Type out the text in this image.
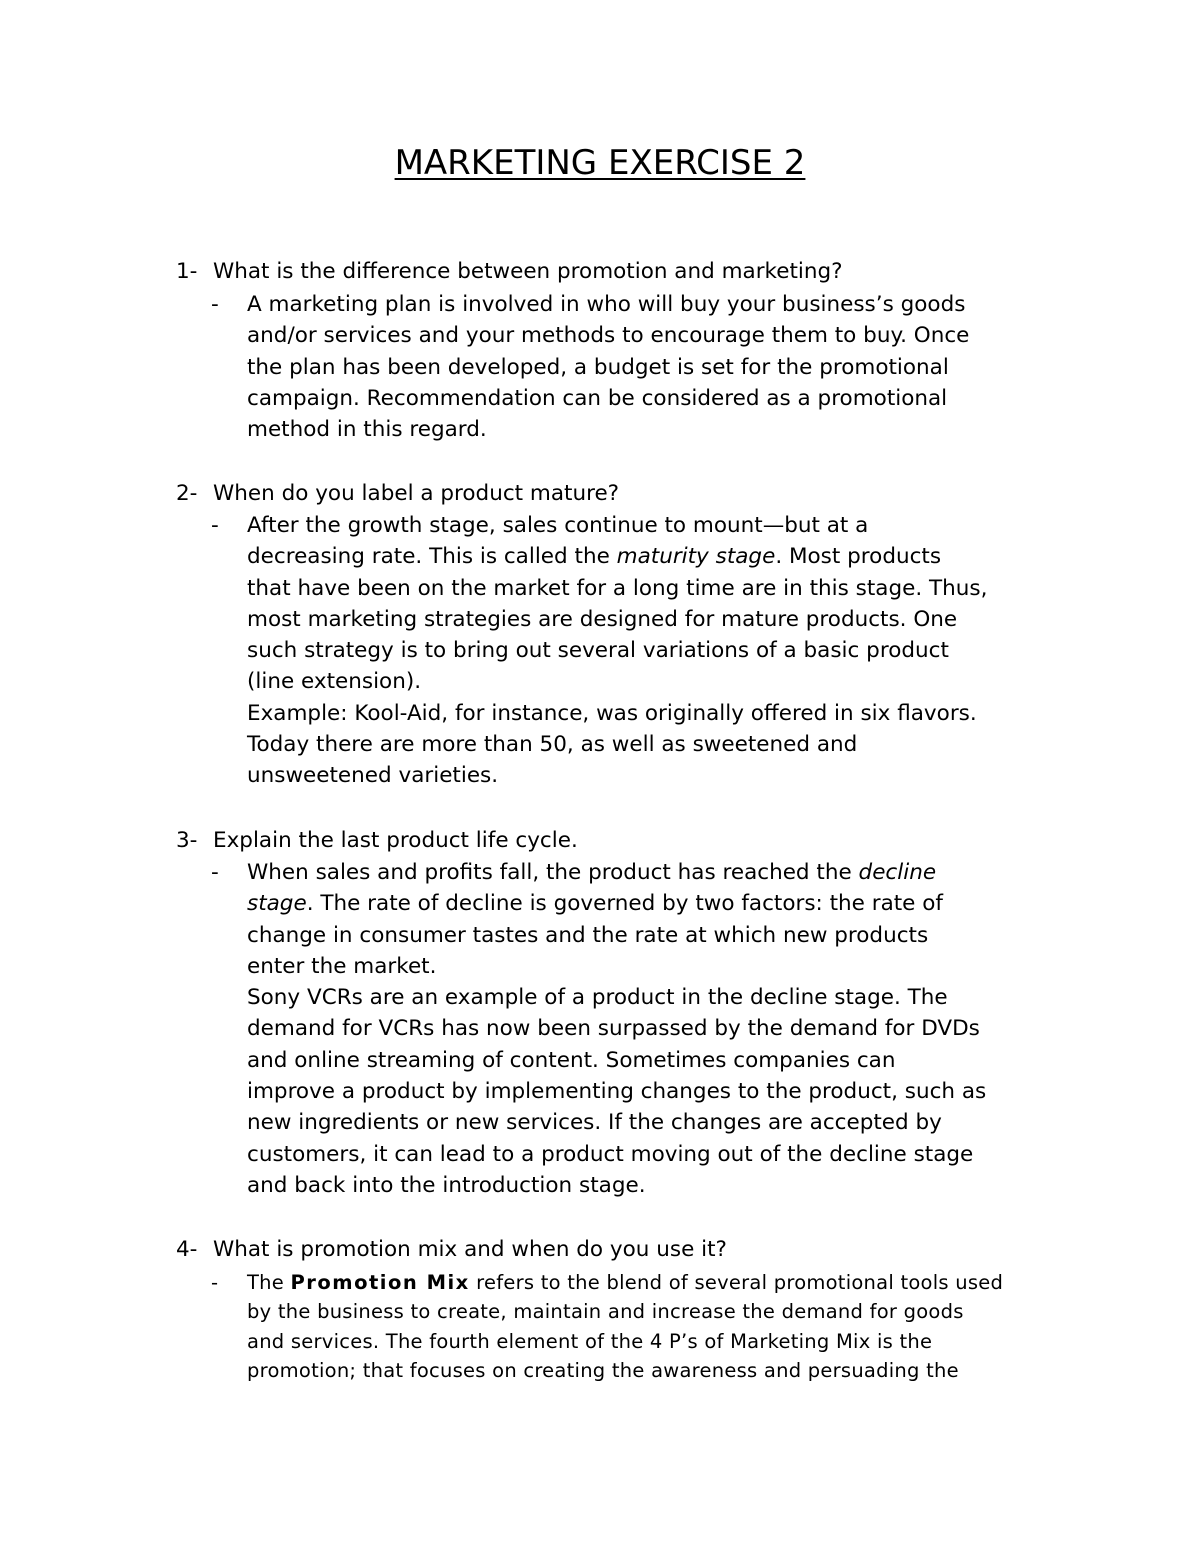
MARKETING EXERCISE 2
1- What is the difference between promotion and marketing?
- A marketing plan is involved in who will buy your business’s goods
and/or services and your methods to encourage them to buy. Once
the plan has been developed, a budget is set for the promotional
campaign. Recommendation can be considered as a promotional
method in this regard.
2- When do you label a product mature?
- After the growth stage, sales continue to mount—but at a
decreasing rate. This is called the maturity stage. Most products
that have been on the market for a long time are in this stage. Thus,
most marketing strategies are designed for mature products. One
such strategy is to bring out several variations of a basic product
(line extension).
Example: Kool-Aid, for instance, was originally offered in six flavors.
Today there are more than 50, as well as sweetened and
unsweetened varieties.
3- Explain the last product life cycle.
- When sales and profits fall, the product has reached the decline
stage. The rate of decline is governed by two factors: the rate of
change in consumer tastes and the rate at which new products
enter the market.
Sony VCRs are an example of a product in the decline stage. The
demand for VCRs has now been surpassed by the demand for DVDs
and online streaming of content. Sometimes companies can
improve a product by implementing changes to the product, such as
new ingredients or new services. If the changes are accepted by
customers, it can lead to a product moving out of the decline stage
and back into the introduction stage.
4- What is promotion mix and when do you use it?
- The Promotion Mix refers to the blend of several promotional tools used
by the business to create, maintain and increase the demand for goods
and services. The fourth element of the 4 P’s of Marketing Mix is the
promotion; that focuses on creating the awareness and persuading the
